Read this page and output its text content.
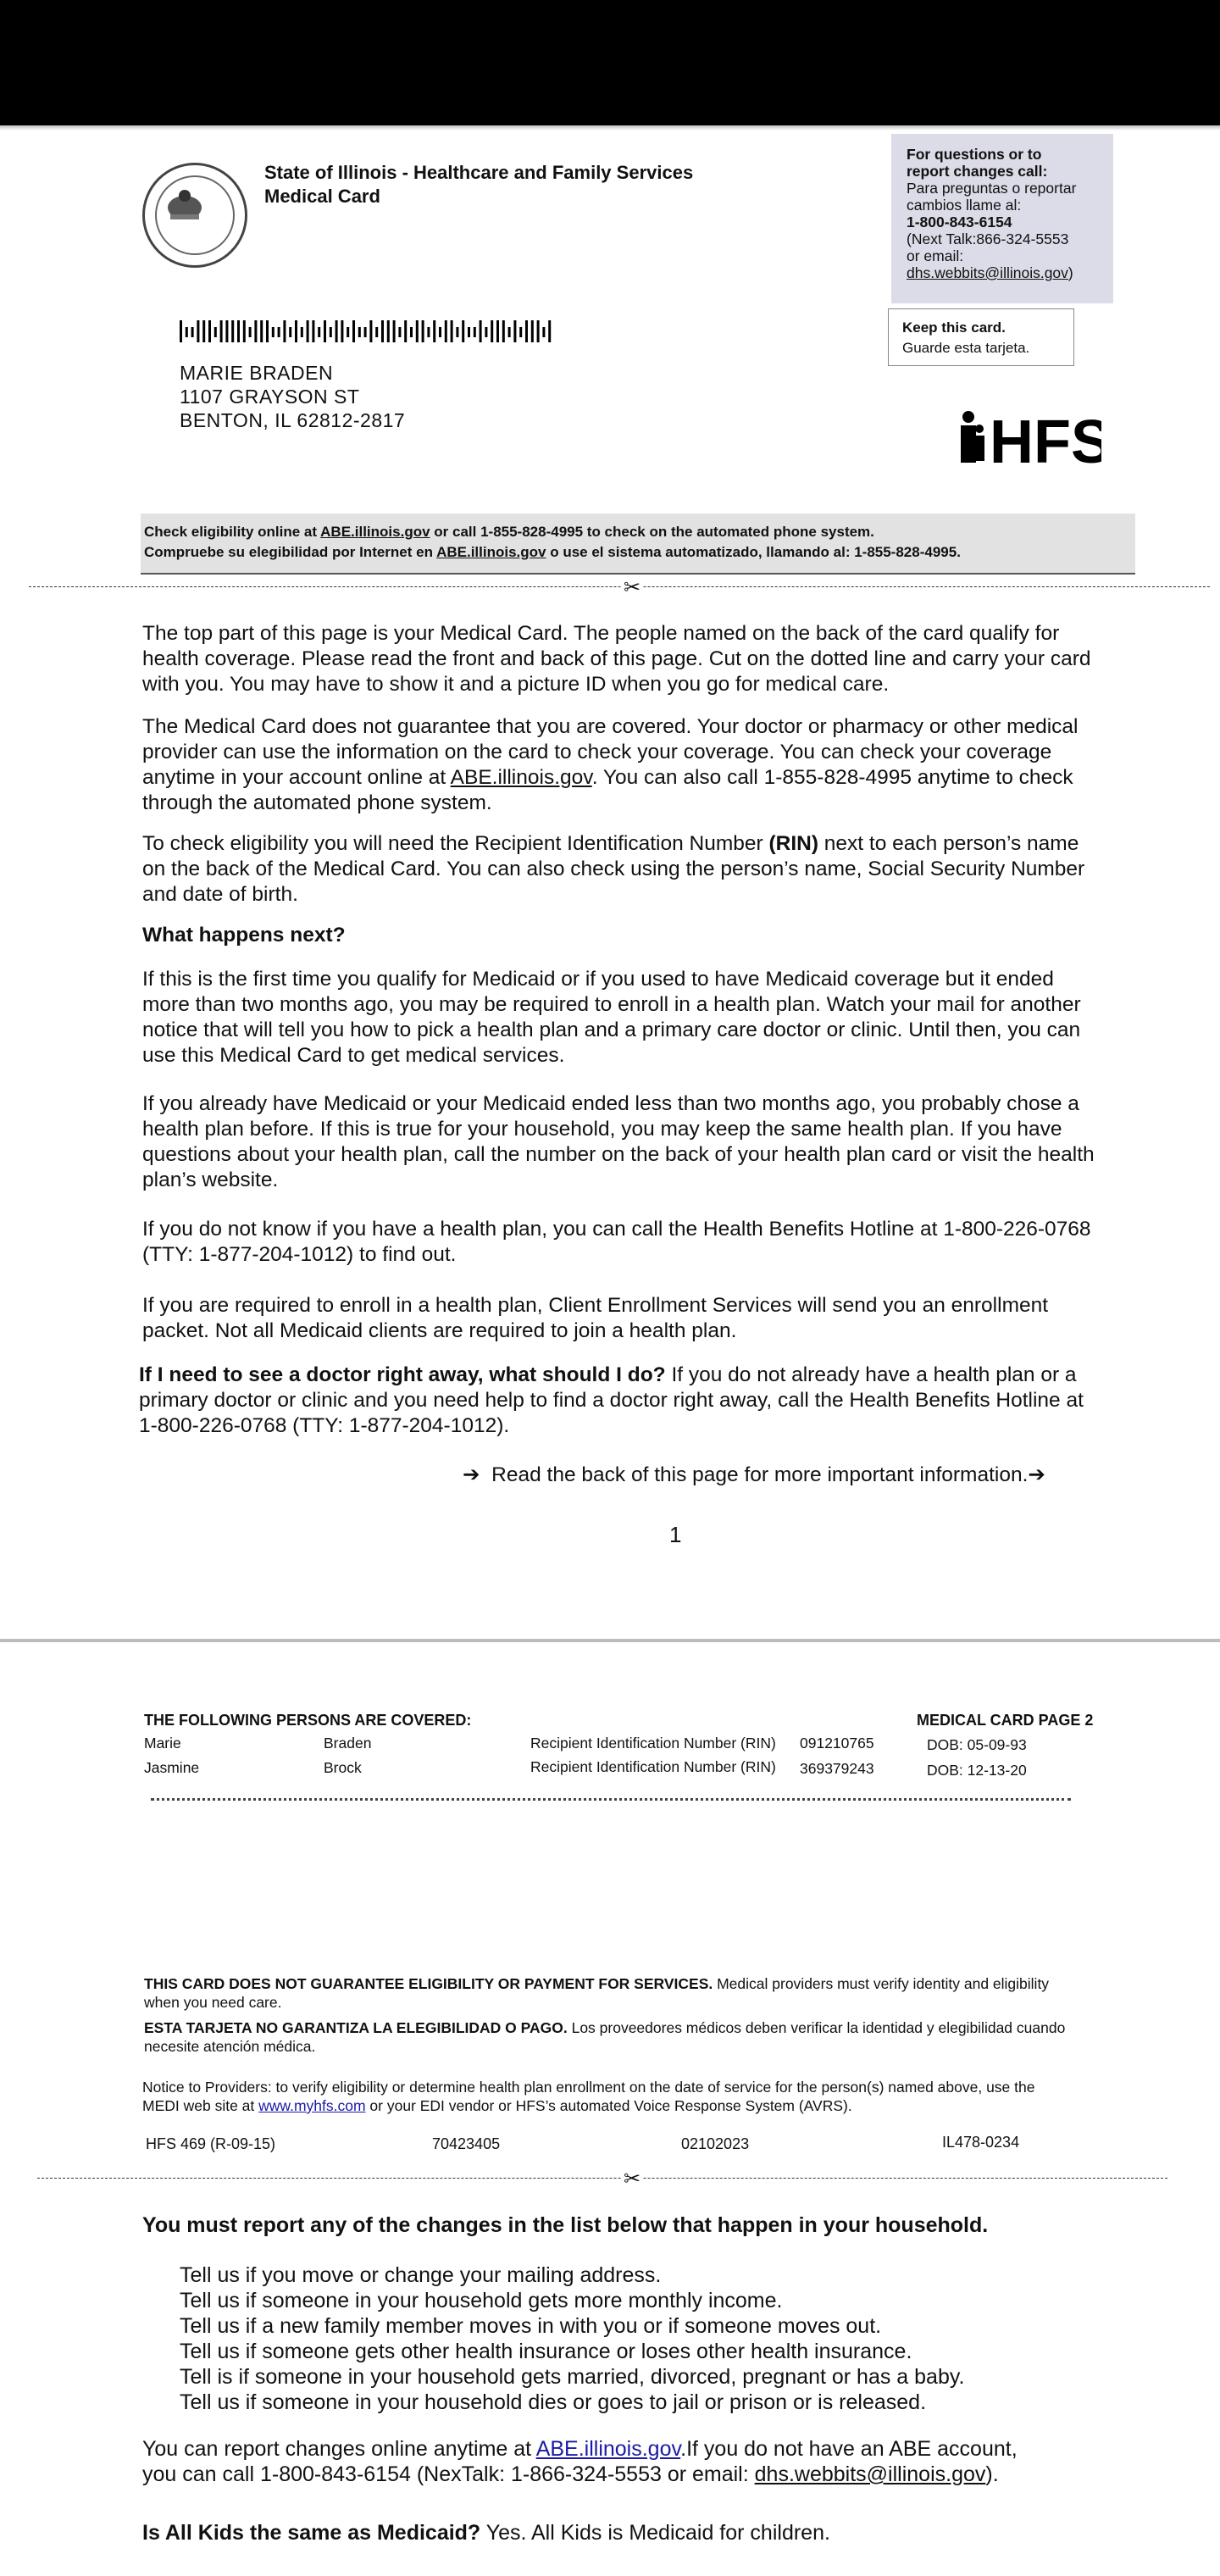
State of Illinois - Healthcare and Family Services
Medical Card
For questions or to
report changes call:
Para preguntas o reportar
cambios llame al:
1-800-843-6154
(Next Talk:866-324-5553
or email:
dhs.webbits@illinois.gov)
Keep this card.
Guarde esta tarjeta.
MARIE BRADEN
1107 GRAYSON ST
BENTON, IL 62812-2817	HFS
Check eligibility online at ABE.illinois.gov or call 1-855-828-4995 to check on the automated phone system.
Compruebe su elegibilidad por Internet en ABE.illinois.gov o use el sistema automatizado, llamando al: 1-855-828-4995.
✂
The top part of this page is your Medical Card. The people named on the back of the card qualify for health coverage. Please read the front and back of this page. Cut on the dotted line and carry your card with you. You may have to show it and a picture ID when you go for medical care.
The Medical Card does not guarantee that you are covered. Your doctor or pharmacy or other medical provider can use the information on the card to check your coverage. You can check your coverage anytime in your account online at ABE.illinois.gov. You can also call 1-855-828-4995 anytime to check through the automated phone system.
To check eligibility you will need the Recipient Identification Number (RIN) next to each person’s name on the back of the Medical Card. You can also check using the person’s name, Social Security Number and date of birth.
What happens next?
If this is the first time you qualify for Medicaid or if you used to have Medicaid coverage but it ended more than two months ago, you may be required to enroll in a health plan. Watch your mail for another notice that will tell you how to pick a health plan and a primary care doctor or clinic. Until then, you can use this Medical Card to get medical services.
If you already have Medicaid or your Medicaid ended less than two months ago, you probably chose a health plan before. If this is true for your household, you may keep the same health plan. If you have questions about your health plan, call the number on the back of your health plan card or visit the health plan’s website.
If you do not know if you have a health plan, you can call the Health Benefits Hotline at 1-800-226-0768 (TTY: 1-877-204-1012) to find out.
If you are required to enroll in a health plan, Client Enrollment Services will send you an enrollment packet. Not all Medicaid clients are required to join a health plan.
If I need to see a doctor right away, what should I do? If you do not already have a health plan or a primary doctor or clinic and you need help to find a doctor right away, call the Health Benefits Hotline at 1-800-226-0768 (TTY: 1-877-204-1012).
➔ Read the back of this page for more important information.➔
1
THE FOLLOWING PERSONS ARE COVERED:	MEDICAL CARD PAGE 2
Marie	Braden	Recipient Identification Number (RIN) 091210765	DOB: 05-09-93
Jasmine	Brock	Recipient Identification Number (RIN) 369379243	DOB: 12-13-20
THIS CARD DOES NOT GUARANTEE ELIGIBILITY OR PAYMENT FOR SERVICES. Medical providers must verify identity and eligibility when you need care.
ESTA TARJETA NO GARANTIZA LA ELEGIBILIDAD O PAGO. Los proveedores médicos deben verificar la identidad y elegibilidad cuando necesite atención médica.
Notice to Providers: to verify eligibility or determine health plan enrollment on the date of service for the person(s) named above, use the MEDI web site at www.myhfs.com or your EDI vendor or HFS’s automated Voice Response System (AVRS).
HFS 469 (R-09-15)	70423405	02102023	IL478-0234
✂
You must report any of the changes in the list below that happen in your household.
Tell us if you move or change your mailing address.
Tell us if someone in your household gets more monthly income.
Tell us if a new family member moves in with you or if someone moves out.
Tell us if someone gets other health insurance or loses other health insurance.
Tell is if someone in your household gets married, divorced, pregnant or has a baby.
Tell us if someone in your household dies or goes to jail or prison or is released.
You can report changes online anytime at ABE.illinois.gov.If you do not have an ABE account, you can call 1-800-843-6154 (NexTalk: 1-866-324-5553 or email: dhs.webbits@illinois.gov).
Is All Kids the same as Medicaid? Yes. All Kids is Medicaid for children.
